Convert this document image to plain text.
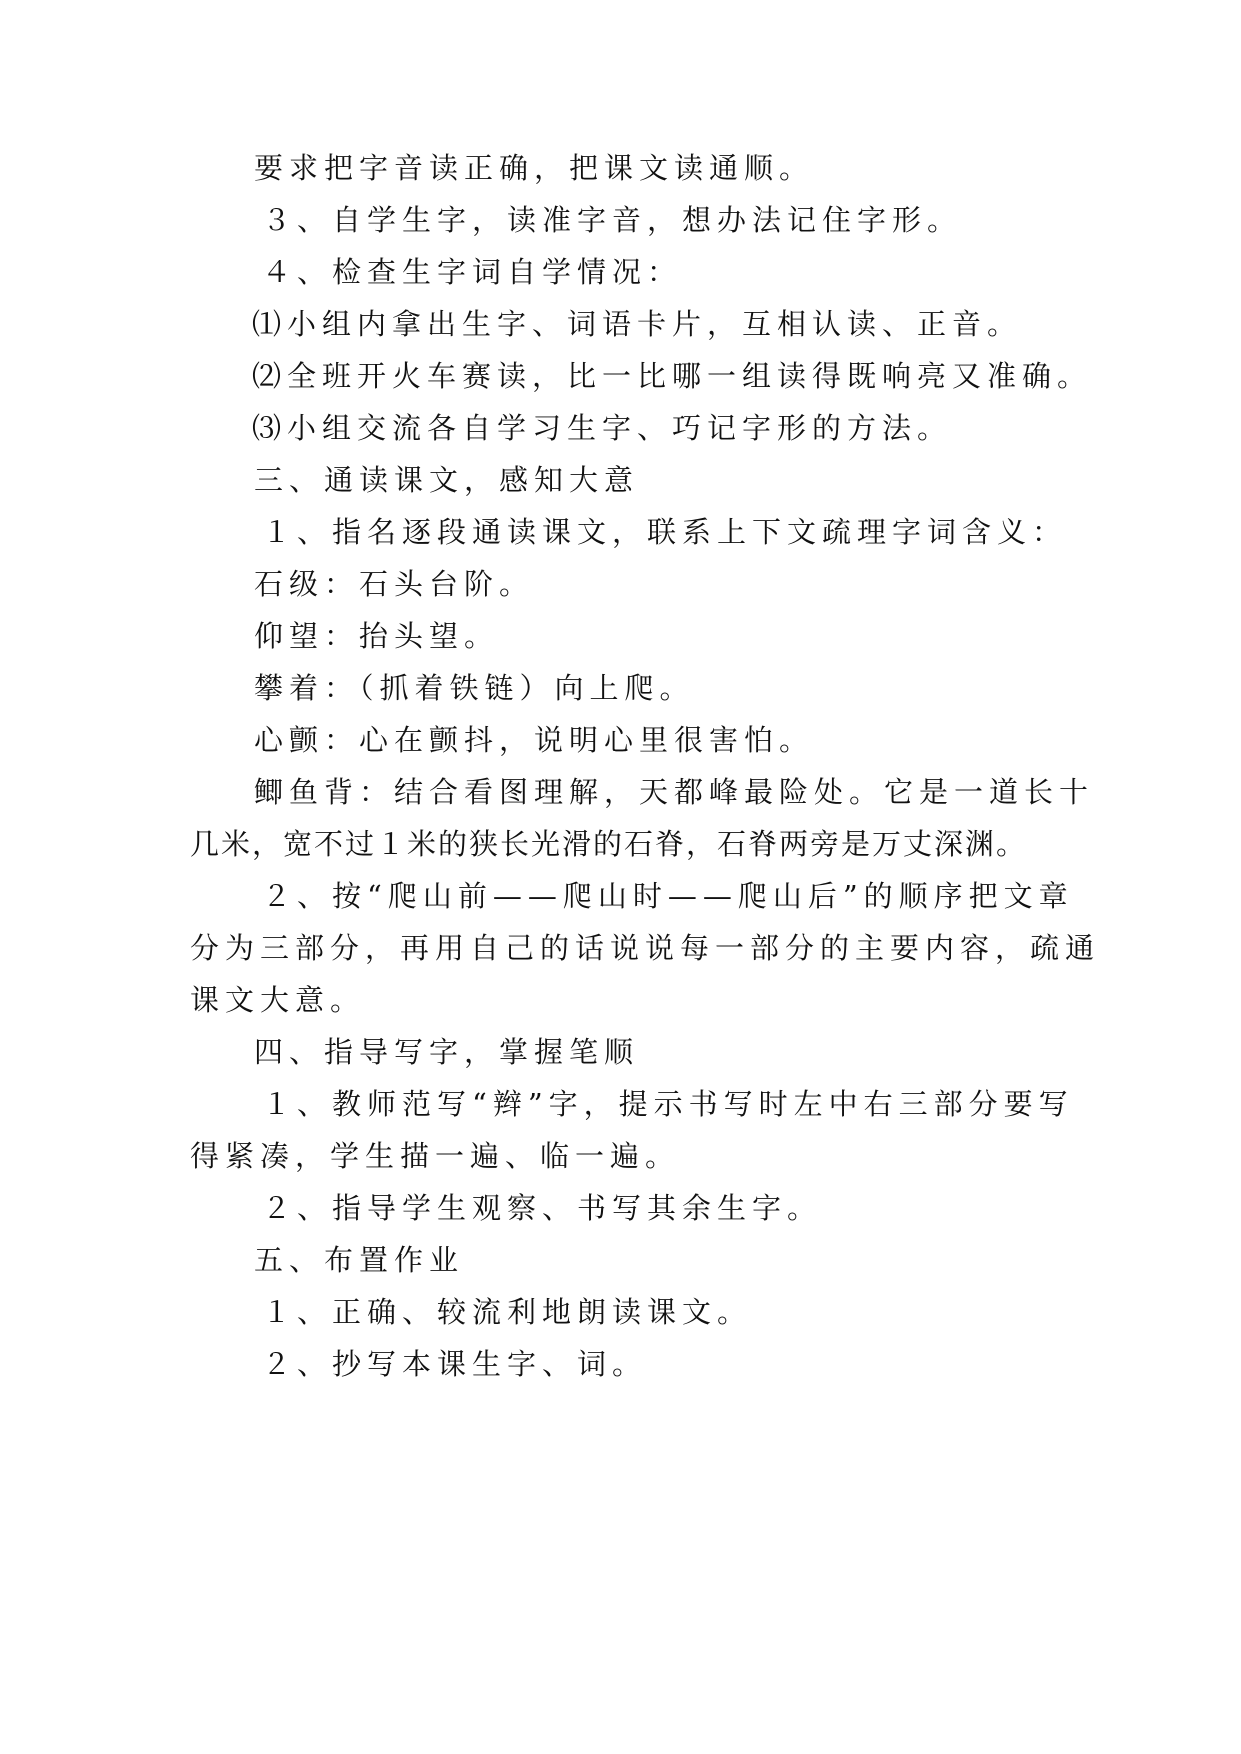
要求把字音读正确，把课文读通顺。

３、自学生字，读准字音，想办法记住字形。

４、检查生字词自学情况：

⑴小组内拿出生字、词语卡片，互相认读、正音。

⑵全班开火车赛读，比一比哪一组读得既响亮又准确。

⑶小组交流各自学习生字、巧记字形的方法。

三、通读课文，感知大意

１、指名逐段通读课文，联系上下文疏理字词含义：

石级：石头台阶。

仰望：抬头望。

攀着：（抓着铁链）向上爬。

心颤：心在颤抖，说明心里很害怕。

鲫鱼背：结合看图理解，天都峰最险处。它是一道长十

几米，宽不过１米的狭长光滑的石脊，石脊两旁是万丈深渊。

２、按“爬山前——爬山时——爬山后”的顺序把文章

分为三部分，再用自己的话说说每一部分的主要内容，疏通

课文大意。

四、指导写字，掌握笔顺

１、教师范写“辫”字，提示书写时左中右三部分要写

得紧凑，学生描一遍、临一遍。

２、指导学生观察、书写其余生字。

五、布置作业

１、正确、较流利地朗读课文。

２、抄写本课生字、词。
